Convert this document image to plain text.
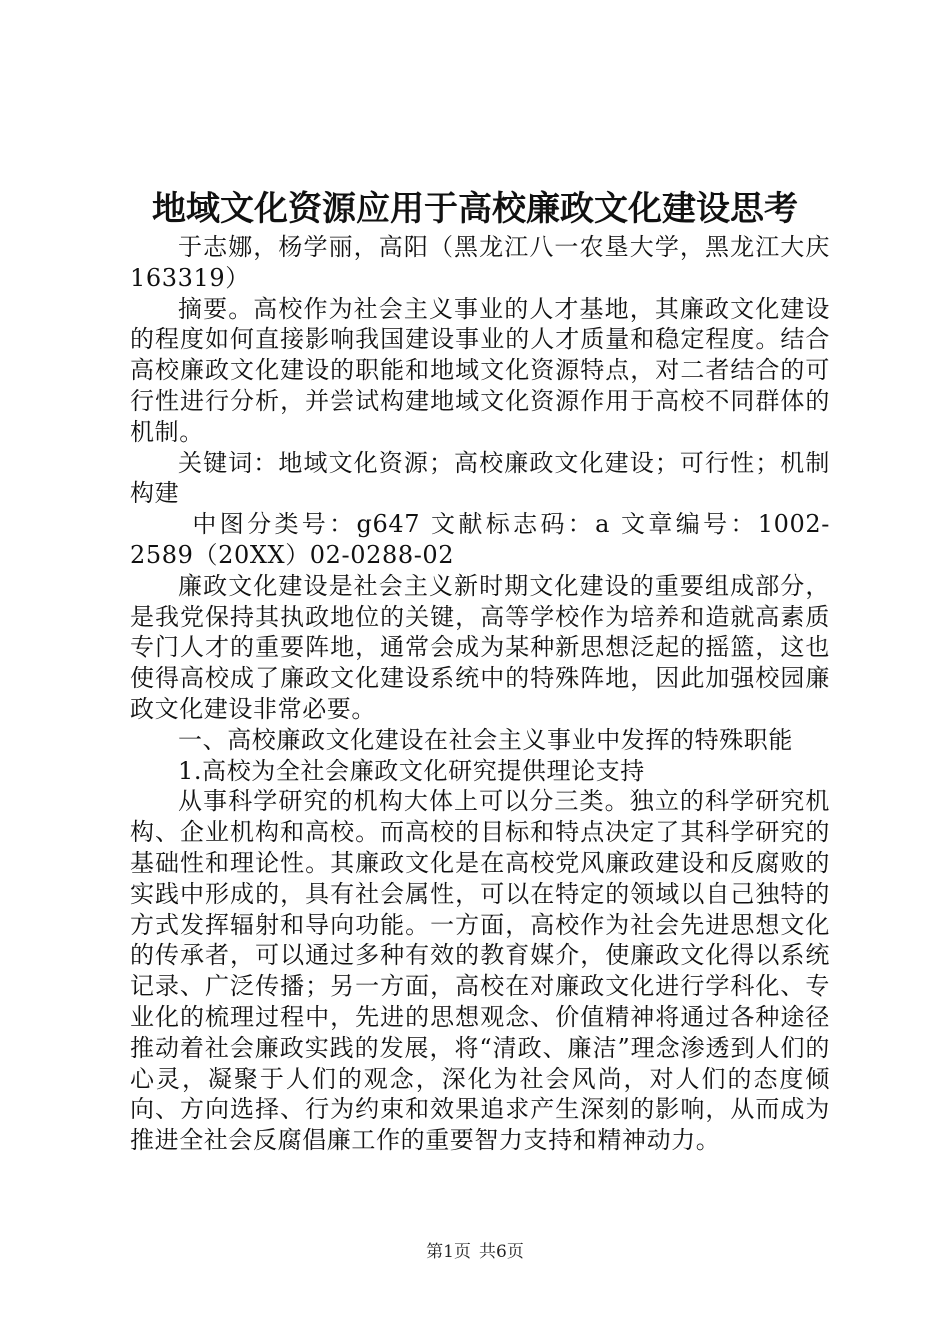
地域文化资源应用于高校廉政文化建设思考

于志娜，杨学丽，高阳（黑龙江八一农垦大学，黑龙江大庆163319）

摘要。高校作为社会主义事业的人才基地，其廉政文化建设的程度如何直接影响我国建设事业的人才质量和稳定程度。结合高校廉政文化建设的职能和地域文化资源特点，对二者结合的可行性进行分析，并尝试构建地域文化资源作用于高校不同群体的机制。

关键词：地域文化资源；高校廉政文化建设；可行性；机制构建

中图分类号：g647 文献标志码：a 文章编号：1002-2589（20XX）02-0288-02

廉政文化建设是社会主义新时期文化建设的重要组成部分，是我党保持其执政地位的关键，高等学校作为培养和造就高素质专门人才的重要阵地，通常会成为某种新思想泛起的摇篮，这也使得高校成了廉政文化建设系统中的特殊阵地，因此加强校园廉政文化建设非常必要。

一、高校廉政文化建设在社会主义事业中发挥的特殊职能

1.高校为全社会廉政文化研究提供理论支持

从事科学研究的机构大体上可以分三类。独立的科学研究机构、企业机构和高校。而高校的目标和特点决定了其科学研究的基础性和理论性。其廉政文化是在高校党风廉政建设和反腐败的实践中形成的，具有社会属性，可以在特定的领域以自己独特的方式发挥辐射和导向功能。一方面，高校作为社会先进思想文化的传承者，可以通过多种有效的教育媒介，使廉政文化得以系统记录、广泛传播；另一方面，高校在对廉政文化进行学科化、专业化的梳理过程中，先进的思想观念、价值精神将通过各种途径推动着社会廉政实践的发展，将“清政、廉洁”理念渗透到人们的心灵，凝聚于人们的观念，深化为社会风尚，对人们的态度倾向、方向选择、行为约束和效果追求产生深刻的影响，从而成为推进全社会反腐倡廉工作的重要智力支持和精神动力。

第1页 共6页
